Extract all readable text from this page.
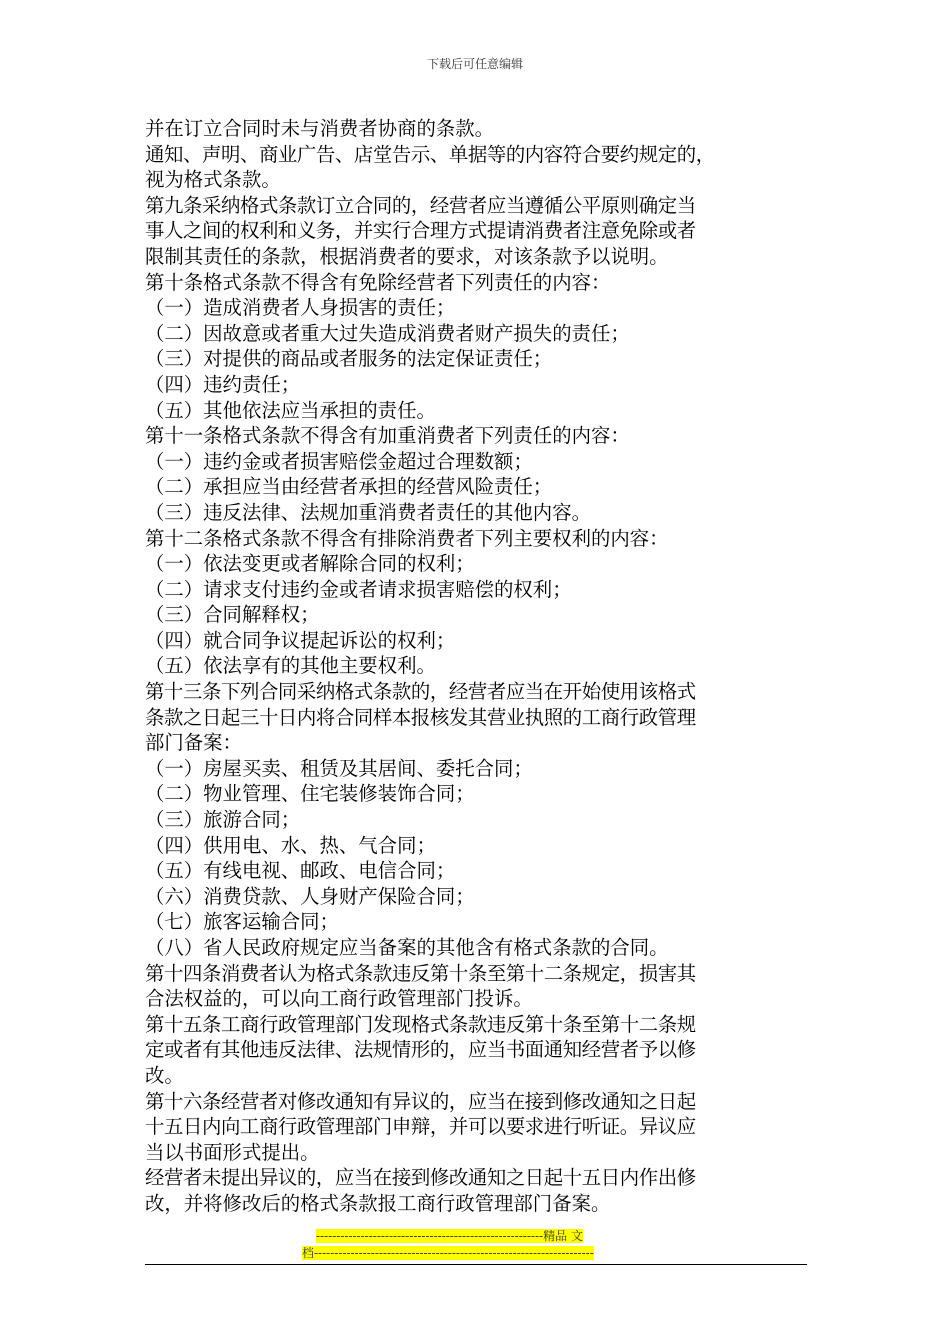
下载后可任意编辑
并在订立合同时未与消费者协商的条款。
通知、声明、商业广告、店堂告示、单据等的内容符合要约规定的，
视为格式条款。
第九条采纳格式条款订立合同的，经营者应当遵循公平原则确定当
事人之间的权利和义务，并实行合理方式提请消费者注意免除或者
限制其责任的条款，根据消费者的要求，对该条款予以说明。
第十条格式条款不得含有免除经营者下列责任的内容：
（一）造成消费者人身损害的责任；
（二）因故意或者重大过失造成消费者财产损失的责任；
（三）对提供的商品或者服务的法定保证责任；
（四）违约责任；
（五）其他依法应当承担的责任。
第十一条格式条款不得含有加重消费者下列责任的内容：
（一）违约金或者损害赔偿金超过合理数额；
（二）承担应当由经营者承担的经营风险责任；
（三）违反法律、法规加重消费者责任的其他内容。
第十二条格式条款不得含有排除消费者下列主要权利的内容：
（一）依法变更或者解除合同的权利；
（二）请求支付违约金或者请求损害赔偿的权利；
（三）合同解释权；
（四）就合同争议提起诉讼的权利；
（五）依法享有的其他主要权利。
第十三条下列合同采纳格式条款的，经营者应当在开始使用该格式
条款之日起三十日内将合同样本报核发其营业执照的工商行政管理
部门备案：
（一）房屋买卖、租赁及其居间、委托合同；
（二）物业管理、住宅装修装饰合同；
（三）旅游合同；
（四）供用电、水、热、气合同；
（五）有线电视、邮政、电信合同；
（六）消费贷款、人身财产保险合同；
（七）旅客运输合同；
（八）省人民政府规定应当备案的其他含有格式条款的合同。
第十四条消费者认为格式条款违反第十条至第十二条规定，损害其
合法权益的，可以向工商行政管理部门投诉。
第十五条工商行政管理部门发现格式条款违反第十条至第十二条规
定或者有其他违反法律、法规情形的，应当书面通知经营者予以修
改。
第十六条经营者对修改通知有异议的，应当在接到修改通知之日起
十五日内向工商行政管理部门申辩，并可以要求进行听证。异议应
当以书面形式提出。
经营者未提出异议的，应当在接到修改通知之日起十五日内作出修
改，并将修改后的格式条款报工商行政管理部门备案。
--------------------------------------------------------精品 文
档---------------------------------------------------------------------
